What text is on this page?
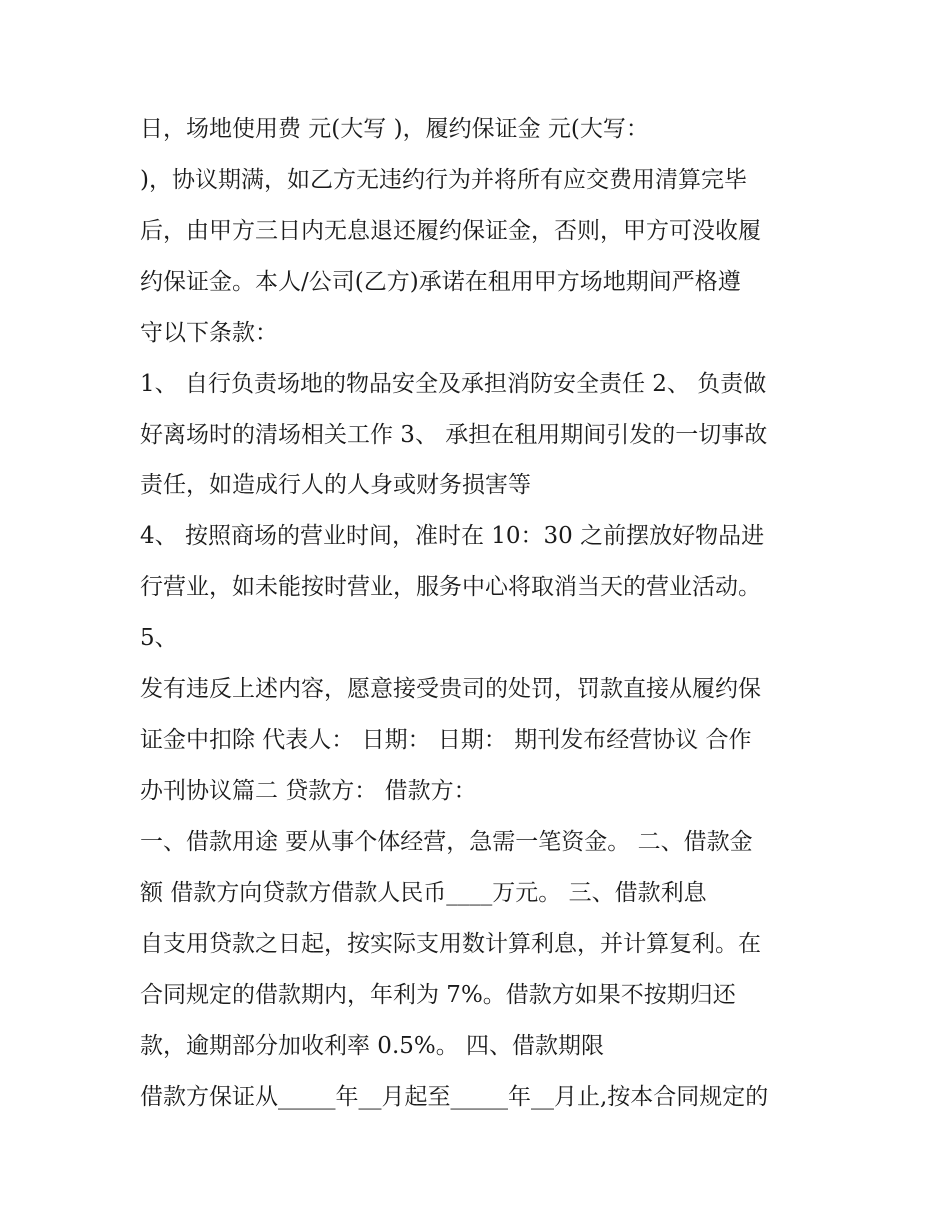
日，场地使用费 元(大写 )，履约保证金 元(大写：

)，协议期满，如乙方无违约行为并将所有应交费用清算完毕

后，由甲方三日内无息退还履约保证金，否则，甲方可没收履

约保证金。本人/公司(乙方)承诺在租用甲方场地期间严格遵

守以下条款：

1、 自行负责场地的物品安全及承担消防安全责任 2、 负责做

好离场时的清场相关工作 3、 承担在租用期间引发的一切事故

责任，如造成行人的人身或财务损害等

4、 按照商场的营业时间，准时在 10：30 之前摆放好物品进

行营业，如未能按时营业，服务中心将取消当天的营业活动。

5、

发有违反上述内容，愿意接受贵司的处罚，罚款直接从履约保

证金中扣除 代表人： 日期： 日期： 期刊发布经营协议 合作

办刊协议篇二 贷款方： 借款方：

一、借款用途 要从事个体经营，急需一笔资金。 二、借款金

额 借款方向贷款方借款人民币____万元。 三、借款利息

自支用贷款之日起，按实际支用数计算利息，并计算复利。在

合同规定的借款期内，年利为 7%。借款方如果不按期归还

款，逾期部分加收利率 0.5%。 四、借款期限

借款方保证从_____年__月起至_____年__月止,按本合同规定的
